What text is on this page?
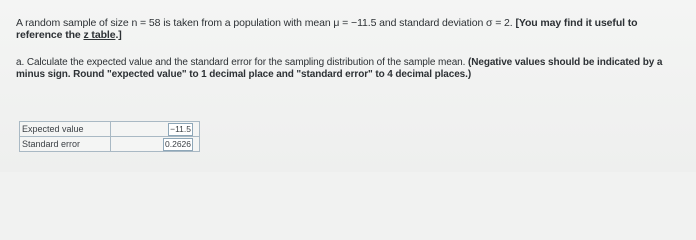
A random sample of size n = 58 is taken from a population with mean μ = −11.5 and standard deviation σ = 2. [You may find it useful to reference the z table.]
a. Calculate the expected value and the standard error for the sampling distribution of the sample mean. (Negative values should be indicated by a minus sign. Round "expected value" to 1 decimal place and "standard error" to 4 decimal places.)
Expected value	−11.5

Standard error	0.2626
